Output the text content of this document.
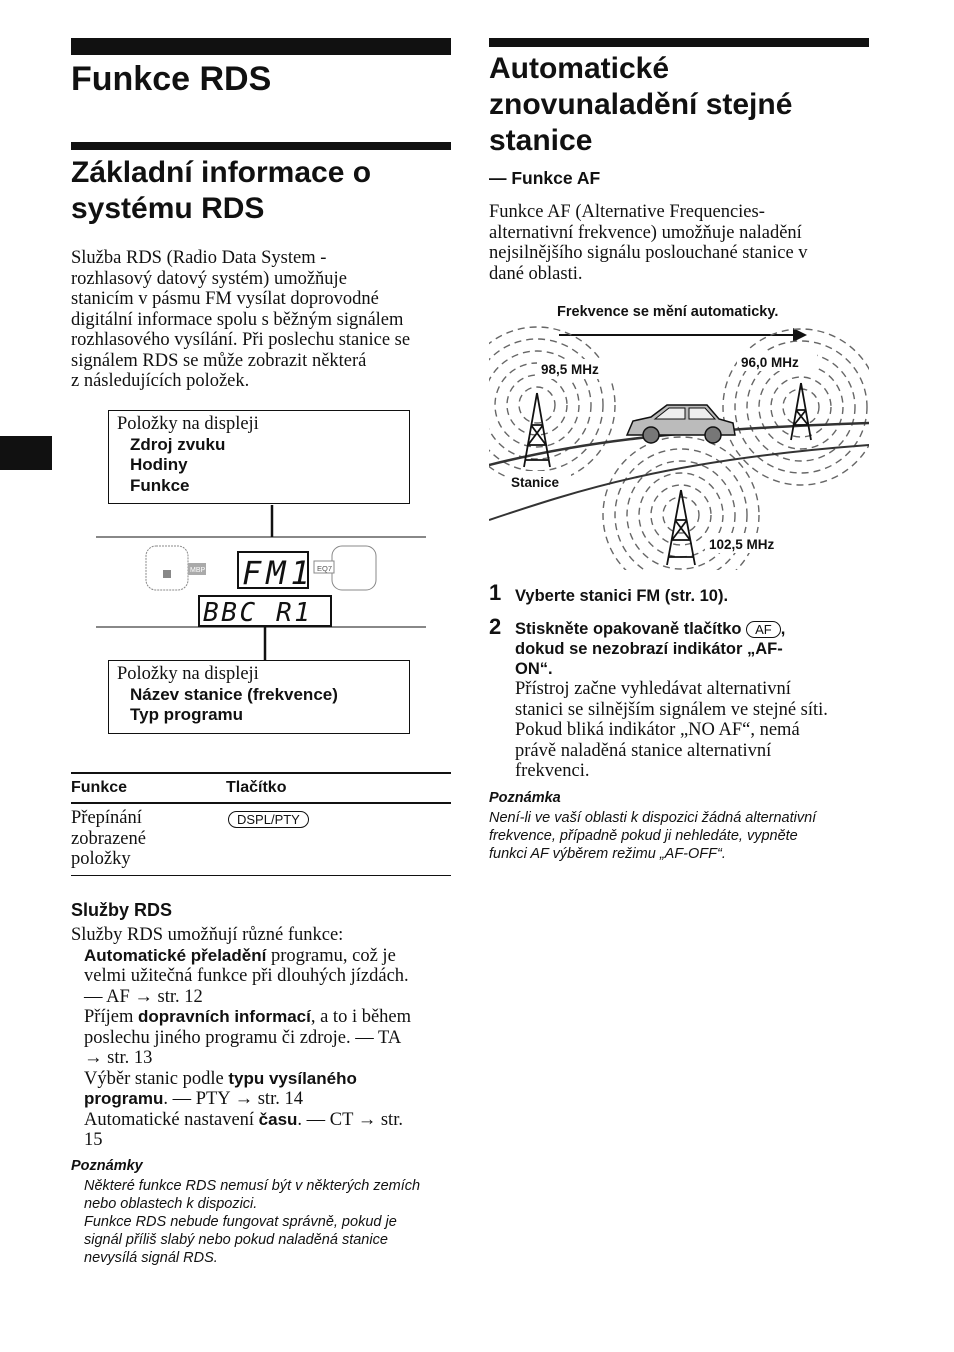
Funkce RDS
Základní informace o
systému RDS
Služba RDS (Radio Data System -
rozhlasový datový systém) umožňuje
stanicím v pásmu FM vysílat doprovodné
digitální informace spolu s běžným signálem
rozhlasového vysílání. Při poslechu stanice se
signálem RDS se může zobrazit některá
z následujících položek.
Položky na displeji
Zdroj zvuku
Hodiny
Funkce
MBP	EQ7
FM1
BBC R1
Položky na displeji
Název stanice (frekvence)
Typ programu
Funkce	Tlačítko
Přepínání
zobrazené
položky
DSPL/PTY
Služby RDS
Služby RDS umožňují různé funkce:
Automatické přeladění programu, což je
velmi užitečná funkce při dlouhých jízdách.
— AF → str. 12
Příjem dopravních informací, a to i během
poslechu jiného programu či zdroje. — TA
→ str. 13
Výběr stanic podle typu vysílaného
programu. — PTY → str. 14
Automatické nastavení času. — CT → str.
15
Poznámky
Některé funkce RDS nemusí být v některých zemích
nebo oblastech k dispozici.
Funkce RDS nebude fungovat správně, pokud je
signál příliš slabý nebo pokud naladěná stanice
nevysílá signál RDS.
Automatické
znovunaladění stejné
stanice
— Funkce AF
Funkce AF (Alternative Frequencies-
alternativní frekvence) umožňuje naladění
nejsilnějšího signálu poslouchané stanice v
dané oblasti.
Frekvence se mění automaticky.
98,5 MHz	96,0 MHz
Stanice
102,5 MHz
1 Vyberte stanici FM (str. 10).
2 Stiskněte opakovaně tlačítko AF ,
dokud se nezobrazí indikátor „AF-
ON“.
Přístroj začne vyhledávat alternativní
stanici se silnějším signálem ve stejné síti.
Pokud bliká indikátor „NO AF“, nemá
právě naladěná stanice alternativní
frekvenci.
Poznámka
Není-li ve vaší oblasti k dispozici žádná alternativní
frekvence, případně pokud ji nehledáte, vypněte
funkci AF výběrem režimu „AF-OFF“.
